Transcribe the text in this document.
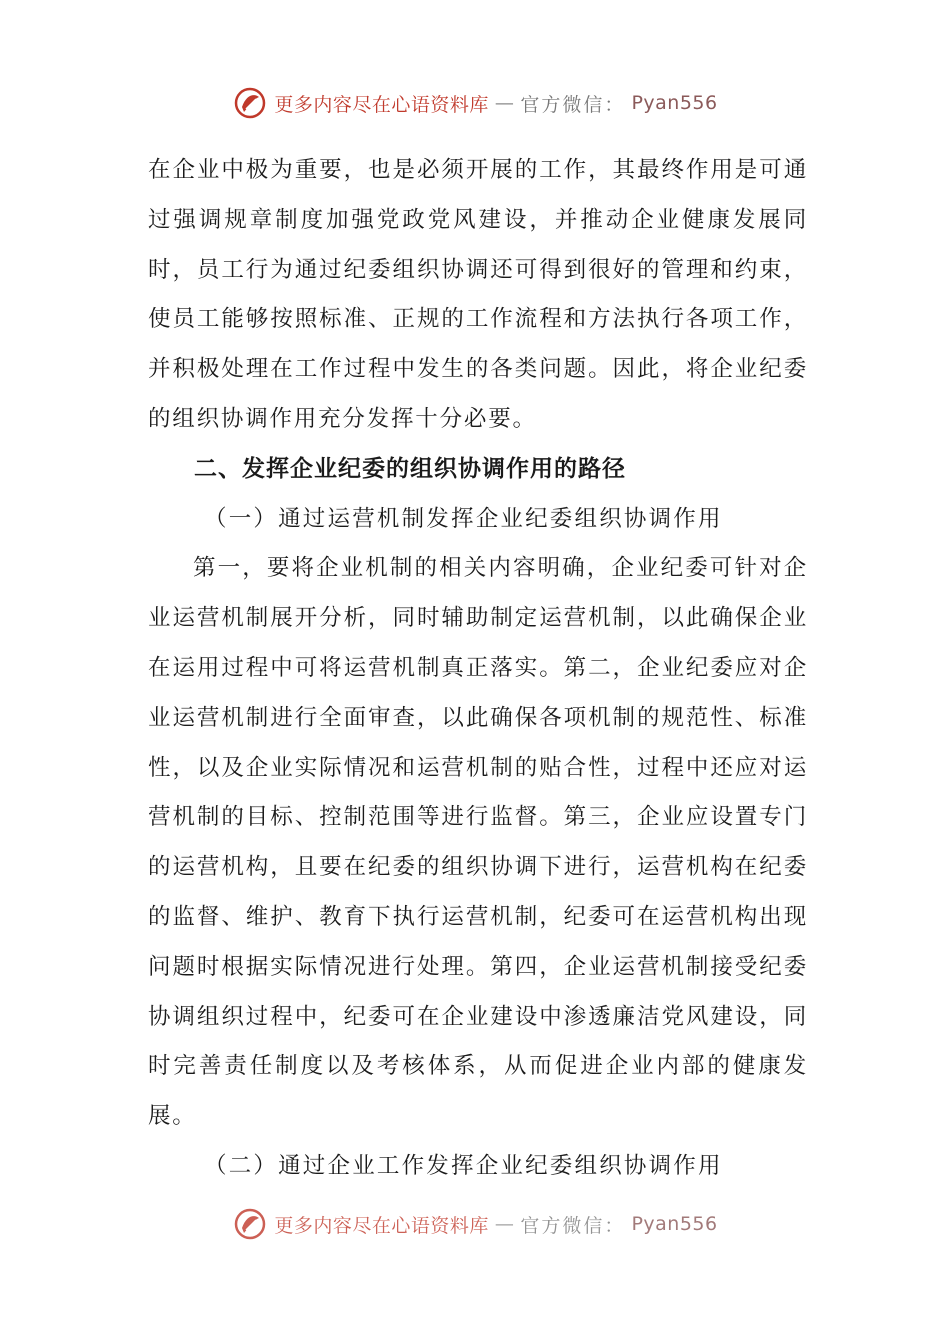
更多内容尽在心语资料库 — 官方微信： Pyan556

在企业中极为重要，也是必须开展的工作，其最终作用是可通过强调规章制度加强党政党风建设，并推动企业健康发展同时，员工行为通过纪委组织协调还可得到很好的管理和约束，使员工能够按照标准、正规的工作流程和方法执行各项工作，并积极处理在工作过程中发生的各类问题。因此，将企业纪委的组织协调作用充分发挥十分必要。

二、发挥企业纪委的组织协调作用的路径

（一）通过运营机制发挥企业纪委组织协调作用

第一，要将企业机制的相关内容明确，企业纪委可针对企业运营机制展开分析，同时辅助制定运营机制，以此确保企业在运用过程中可将运营机制真正落实。第二，企业纪委应对企业运营机制进行全面审查，以此确保各项机制的规范性、标准性，以及企业实际情况和运营机制的贴合性，过程中还应对运营机制的目标、控制范围等进行监督。第三，企业应设置专门的运营机构，且要在纪委的组织协调下进行，运营机构在纪委的监督、维护、教育下执行运营机制，纪委可在运营机构出现问题时根据实际情况进行处理。第四，企业运营机制接受纪委协调组织过程中，纪委可在企业建设中渗透廉洁党风建设，同时完善责任制度以及考核体系，从而促进企业内部的健康发展。

（二）通过企业工作发挥企业纪委组织协调作用

更多内容尽在心语资料库 — 官方微信： Pyan556
